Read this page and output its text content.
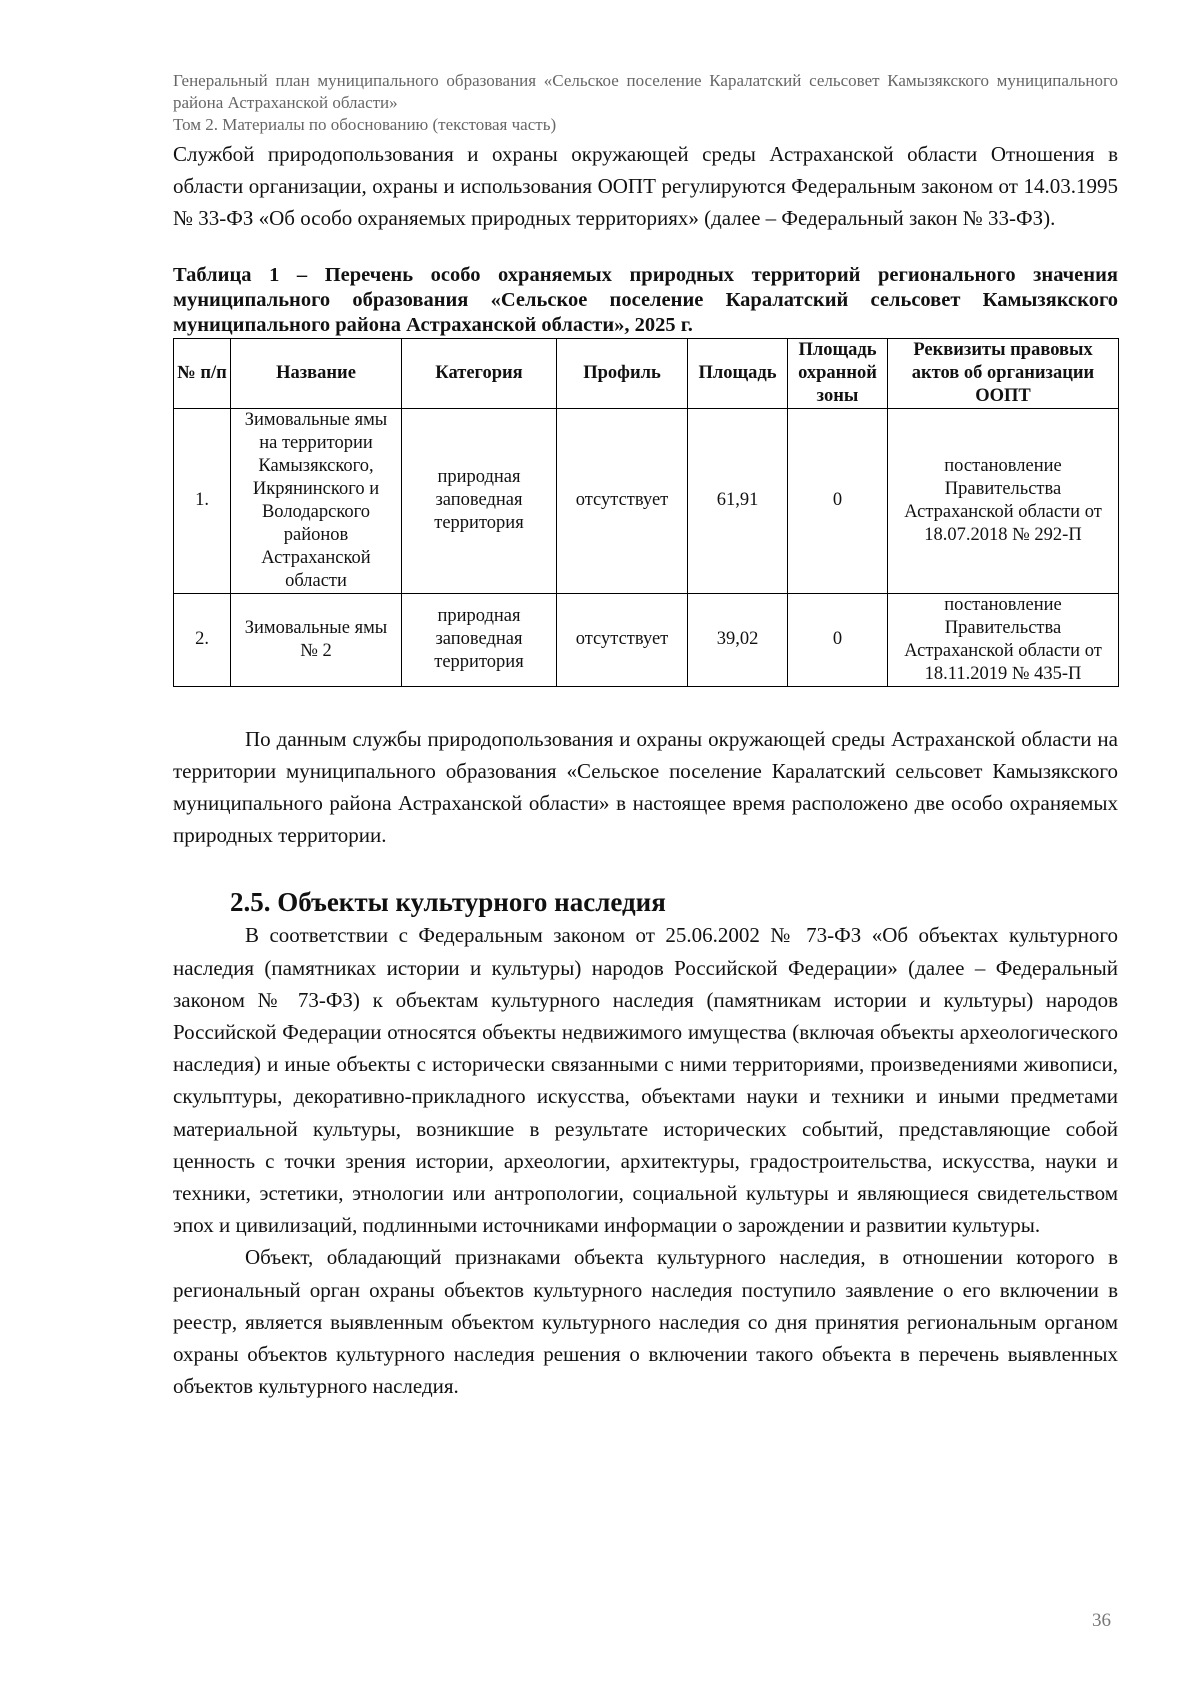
Генеральный план муниципального образования «Сельское поселение Каралатский сельсовет Камызякского муниципального района Астраханской области»
Том 2. Материалы по обоснованию (текстовая часть)

Службой природопользования и охраны окружающей среды Астраханской области Отношения в области организации, охраны и использования ООПТ регулируются Федеральным законом от 14.03.1995 № 33-ФЗ «Об особо охраняемых природных территориях» (далее – Федеральный закон № 33-ФЗ).

Таблица 1 – Перечень особо охраняемых природных территорий регионального значения муниципального образования «Сельское поселение Каралатский сельсовет Камызякского муниципального района Астраханской области», 2025 г.

№ п/п	Название	Категория	Профиль	Площадь	Площадь охранной зоны	Реквизиты правовых актов об организации ООПТ
1.	Зимовальные ямы на территории Камызякского, Икрянинского и Володарского районов Астраханской области	природная заповедная территория	отсутствует	61,91	0	постановление Правительства Астраханской области от 18.07.2018 № 292-П
2.	Зимовальные ямы № 2	природная заповедная территория	отсутствует	39,02	0	постановление Правительства Астраханской области от 18.11.2019 № 435-П

По данным службы природопользования и охраны окружающей среды Астраханской области на территории муниципального образования «Сельское поселение Каралатский сельсовет Камызякского муниципального района Астраханской области» в настоящее время расположено две особо охраняемых природных территории.

2.5. Объекты культурного наследия

В соответствии с Федеральным законом от 25.06.2002 № 73-ФЗ «Об объектах культурного наследия (памятниках истории и культуры) народов Российской Федерации» (далее – Федеральный законом № 73-ФЗ) к объектам культурного наследия (памятникам истории и культуры) народов Российской Федерации относятся объекты недвижимого имущества (включая объекты археологического наследия) и иные объекты с исторически связанными с ними территориями, произведениями живописи, скульптуры, декоративно-прикладного искусства, объектами науки и техники и иными предметами материальной культуры, возникшие в результате исторических событий, представляющие собой ценность с точки зрения истории, археологии, архитектуры, градостроительства, искусства, науки и техники, эстетики, этнологии или антропологии, социальной культуры и являющиеся свидетельством эпох и цивилизаций, подлинными источниками информации о зарождении и развитии культуры.

Объект, обладающий признаками объекта культурного наследия, в отношении которого в региональный орган охраны объектов культурного наследия поступило заявление о его включении в реестр, является выявленным объектом культурного наследия со дня принятия региональным органом охраны объектов культурного наследия решения о включении такого объекта в перечень выявленных объектов культурного наследия.

36
